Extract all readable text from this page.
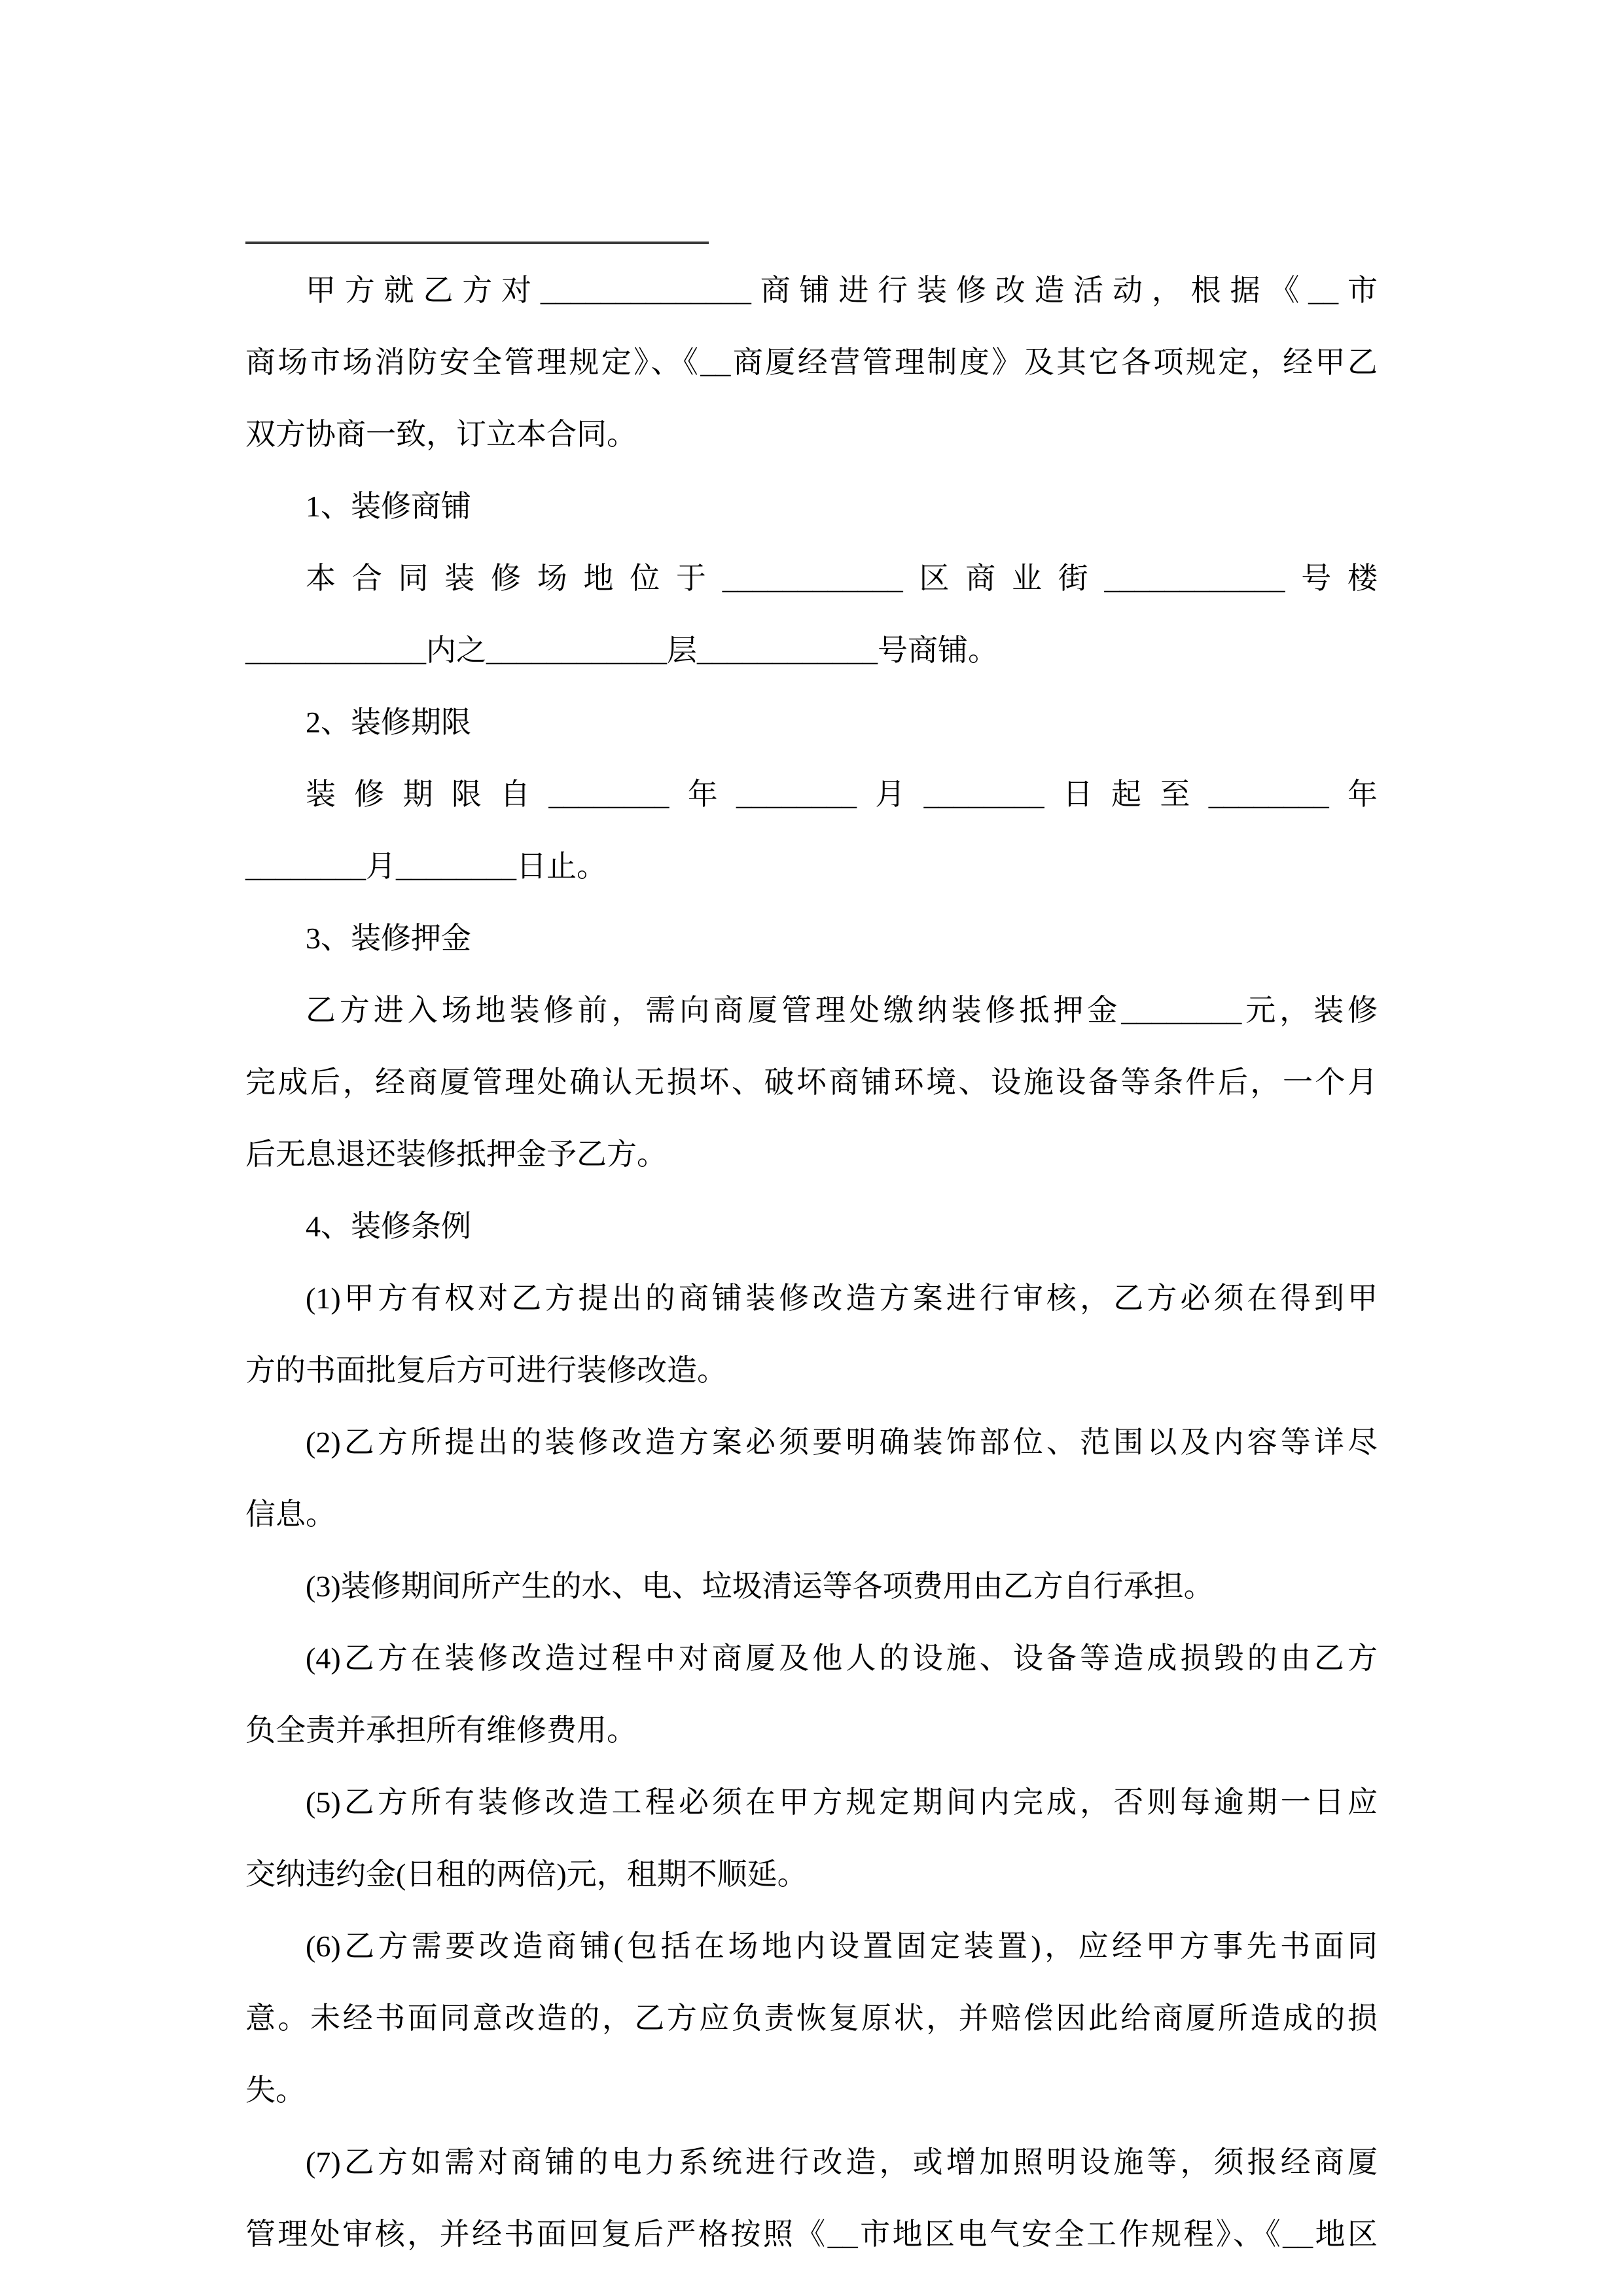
甲方就乙方对______________商铺进行装修改造活动，根据《__市
商场市场消防安全管理规定》、《__商厦经营管理制度》及其它各项规定，经甲乙
双方协商一致，订立本合同。
1、装修商铺
本合同装修场地位于____________区商业街____________号楼
____________内之____________层____________号商铺。
2、装修期限
装修期限自________年________月________日起至________年
________月________日止。
3、装修押金
乙方进入场地装修前，需向商厦管理处缴纳装修抵押金________元，装修
完成后，经商厦管理处确认无损坏、破坏商铺环境、设施设备等条件后，一个月
后无息退还装修抵押金予乙方。
4、装修条例
(1)甲方有权对乙方提出的商铺装修改造方案进行审核，乙方必须在得到甲
方的书面批复后方可进行装修改造。
(2)乙方所提出的装修改造方案必须要明确装饰部位、范围以及内容等详尽
信息。
(3)装修期间所产生的水、电、垃圾清运等各项费用由乙方自行承担。
(4)乙方在装修改造过程中对商厦及他人的设施、设备等造成损毁的由乙方
负全责并承担所有维修费用。
(5)乙方所有装修改造工程必须在甲方规定期间内完成，否则每逾期一日应
交纳违约金(日租的两倍)元，租期不顺延。
(6)乙方需要改造商铺(包括在场地内设置固定装置)，应经甲方事先书面同
意。未经书面同意改造的，乙方应负责恢复原状，并赔偿因此给商厦所造成的损
失。
(7)乙方如需对商铺的电力系统进行改造，或增加照明设施等，须报经商厦
管理处审核，并经书面回复后严格按照《__市地区电气安全工作规程》、《__地区
